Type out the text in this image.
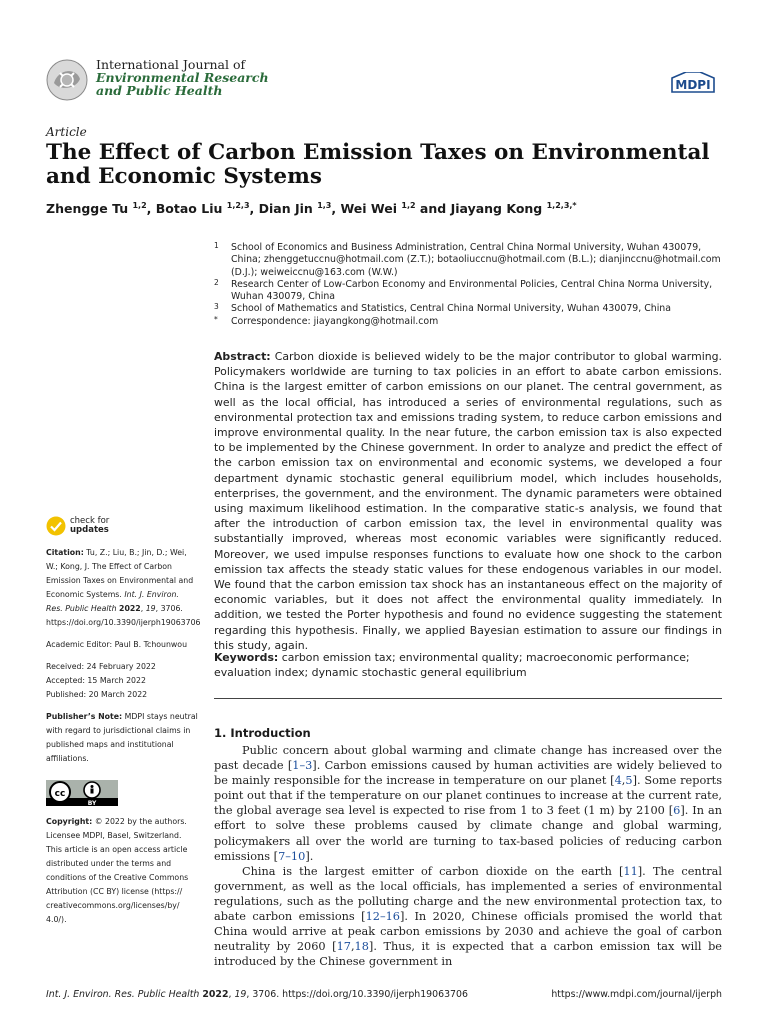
International Journal of
Environmental Research
and Public Health	MDPI
Article
The Effect of Carbon Emission Taxes on Environmental and Economic Systems
Zhengge Tu $^{1,2}$, Botao Liu $^{1,2,3}$, Dian Jin $^{1,3}$, Wei Wei $^{1,2}$ and Jiayang Kong $^{1,2,3,*}$
1 School of Economics and Business Administration, Central China Normal University, Wuhan 430079, China; zhenggetuccnu@hotmail.com (Z.T.); botaoliuccnu@hotmail.com (B.L.); dianjinccnu@hotmail.com (D.J.); weiweiccnu@163.com (W.W.)
2 Research Center of Low-Carbon Economy and Environmental Policies, Central China Norma University, Wuhan 430079, China
3 School of Mathematics and Statistics, Central China Normal University, Wuhan 430079, China
* Correspondence: jiayangkong@hotmail.com
Abstract: Carbon dioxide is believed widely to be the major contributor to global warming. Policymakers worldwide are turning to tax policies in an effort to abate carbon emissions. China is the largest emitter of carbon emissions on our planet. The central government, as well as the local official, has introduced a series of environmental regulations, such as environmental protection tax and emissions trading system, to reduce carbon emissions and improve environmental quality. In the near future, the carbon emission tax is also expected to be implemented by the Chinese government. In order to analyze and predict the effect of the carbon emission tax on environmental and economic systems, we developed a four department dynamic stochastic general equilibrium model, which includes households, enterprises, the government, and the environment. The dynamic parameters were obtained using maximum likelihood estimation. In the comparative static-s analysis, we found that after the introduction of carbon emission tax, the level in environmental quality was substantially improved, whereas most economic variables were significantly reduced. Moreover, we used impulse responses functions to evaluate how one shock to the carbon emission tax affects the steady static values for these endogenous variables in our model. We found that the carbon emission tax shock has an instantaneous effect on the majority of economic variables, but it does not affect the environmental quality immediately. In addition, we tested the Porter hypothesis and found no evidence suggesting the statement regarding this hypothesis. Finally, we applied Bayesian estimation to assure our findings in this study, again.
Keywords: carbon emission tax; environmental quality; macroeconomic performance; evaluation index; dynamic stochastic general equilibrium
1. Introduction

Public concern about global warming and climate change has increased over the past decade [1–3]. Carbon emissions caused by human activities are widely believed to be mainly responsible for the increase in temperature on our planet [4,5]. Some reports point out that if the temperature on our planet continues to increase at the current rate, the global average sea level is expected to rise from 1 to 3 feet (1 m) by 2100 [6]. In an effort to solve these problems caused by climate change and global warming, policymakers all over the world are turning to tax-based policies of reducing carbon emissions [7–10].

China is the largest emitter of carbon dioxide on the earth [11]. The central government, as well as the local officials, has implemented a series of environmental regulations, such as the polluting charge and the new environmental protection tax, to abate carbon emissions [12–16]. In 2020, Chinese officials promised the world that China would arrive at peak carbon emissions by 2030 and achieve the goal of carbon neutrality by 2060 [17,18]. Thus, it is expected that a carbon emission tax will be introduced by the Chinese government in

check for
updates
Citation: Tu, Z.; Liu, B.; Jin, D.; Wei, W.; Kong, J. The Effect of Carbon Emission Taxes on Environmental and Economic Systems. Int. J. Environ. Res. Public Health 2022, 19, 3706. https://doi.org/10.3390/ijerph19063706
Academic Editor: Paul B. Tchounwou
Received: 24 February 2022
Accepted: 15 March 2022
Published: 20 March 2022
Publisher’s Note: MDPI stays neutral with regard to jurisdictional claims in published maps and institutional affiliations.
cc
BY
Copyright: © 2022 by the authors. Licensee MDPI, Basel, Switzerland. This article is an open access article distributed under the terms and conditions of the Creative Commons Attribution (CC BY) license (https:// creativecommons.org/licenses/by/ 4.0/).
Int. J. Environ. Res. Public Health 2022, 19, 3706. https://doi.org/10.3390/ijerph19063706	https://www.mdpi.com/journal/ijerph
